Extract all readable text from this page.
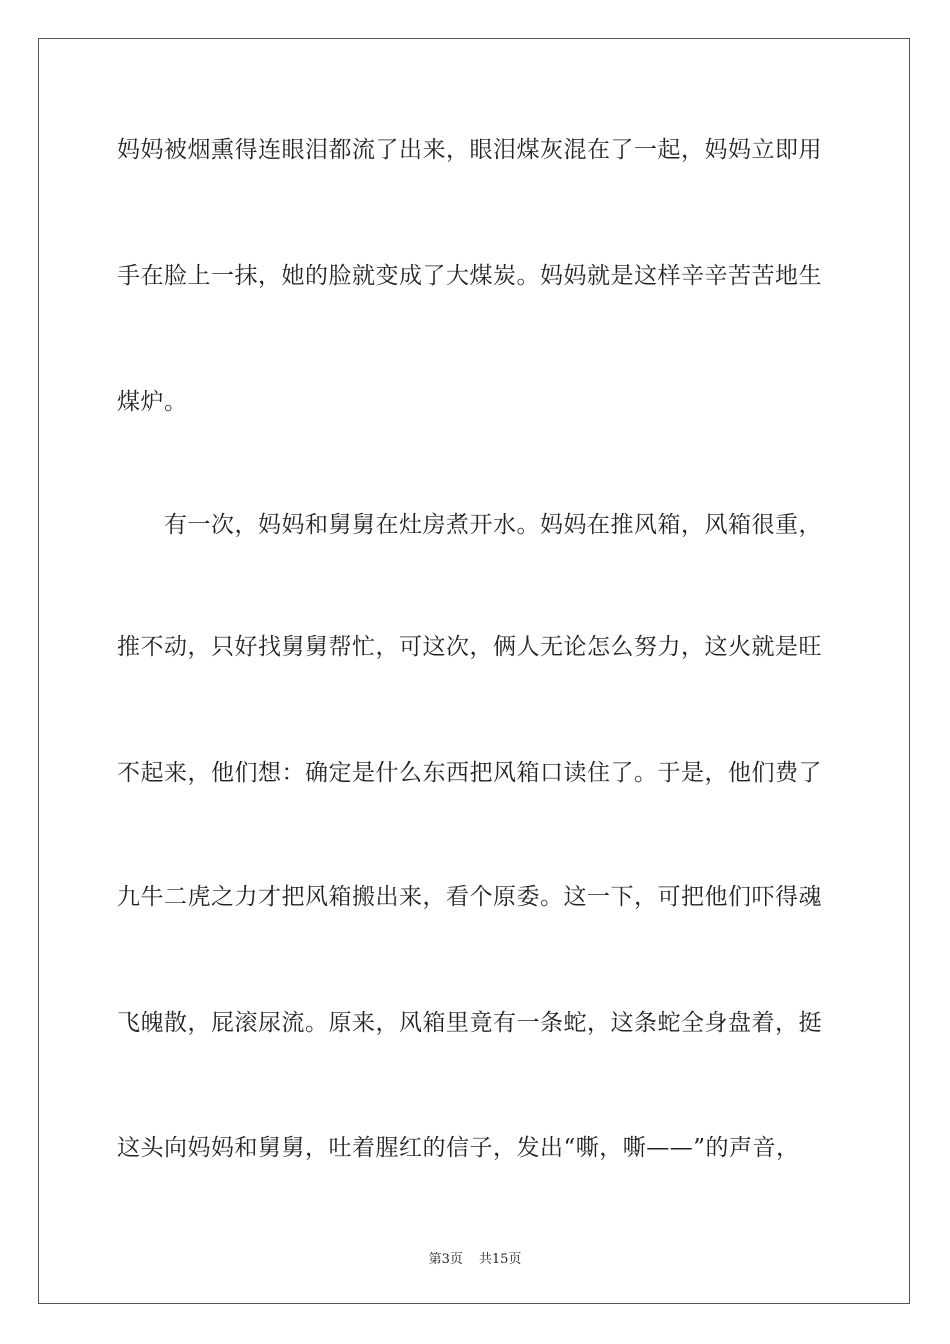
妈妈被烟熏得连眼泪都流了出来，眼泪煤灰混在了一起，妈妈立即用
手在脸上一抹，她的脸就变成了大煤炭。妈妈就是这样辛辛苦苦地生
煤炉。
有一次，妈妈和舅舅在灶房煮开水。妈妈在推风箱，风箱很重，
推不动，只好找舅舅帮忙，可这次，俩人无论怎么努力，这火就是旺
不起来，他们想：确定是什么东西把风箱口读住了。于是，他们费了
九牛二虎之力才把风箱搬出来，看个原委。这一下，可把他们吓得魂
飞魄散，屁滚尿流。原来，风箱里竟有一条蛇，这条蛇全身盘着，挺
这头向妈妈和舅舅，吐着腥红的信子，发出“嘶，嘶——”的声音，
第3页 共15页
